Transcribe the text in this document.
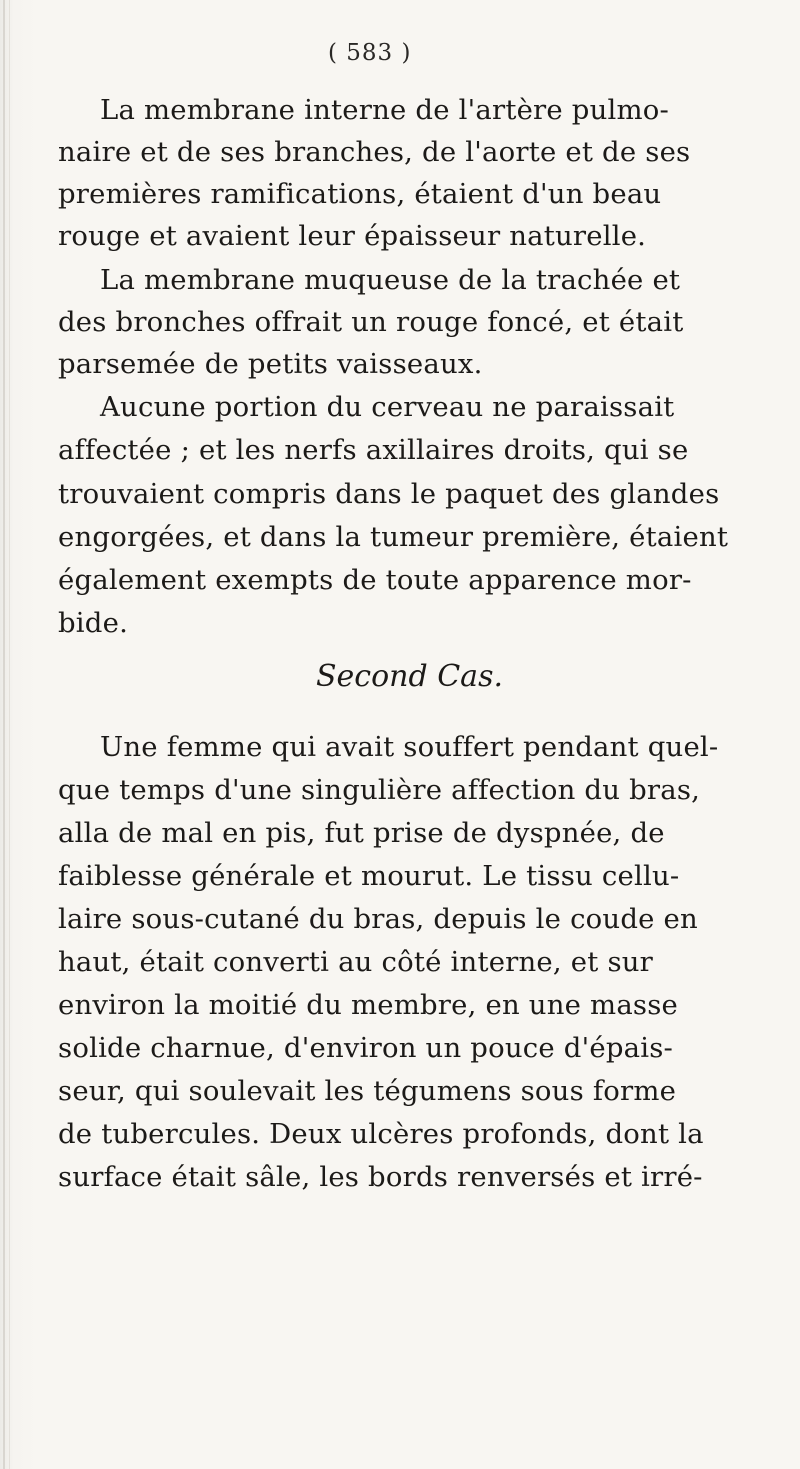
( 583 )
La membrane interne de l'artère pulmo-
naire et de ses branches, de l'aorte et de ses
premières ramifications, étaient d'un beau
rouge et avaient leur épaisseur naturelle.
La membrane muqueuse de la trachée et
des bronches offrait un rouge foncé, et était
parsemée de petits vaisseaux.
Aucune portion du cerveau ne paraissait
affectée ; et les nerfs axillaires droits, qui se
trouvaient compris dans le paquet des glandes
engorgées, et dans la tumeur première, étaient
également exempts de toute apparence mor-
bide.
Second Cas.
Une femme qui avait souffert pendant quel-
que temps d'une singulière affection du bras,
alla de mal en pis, fut prise de dyspnée, de
faiblesse générale et mourut. Le tissu cellu-
laire sous-cutané du bras, depuis le coude en
haut, était converti au côté interne, et sur
environ la moitié du membre, en une masse
solide charnue, d'environ un pouce d'épais-
seur, qui soulevait les tégumens sous forme
de tubercules. Deux ulcères profonds, dont la
surface était sâle, les bords renversés et irré-
